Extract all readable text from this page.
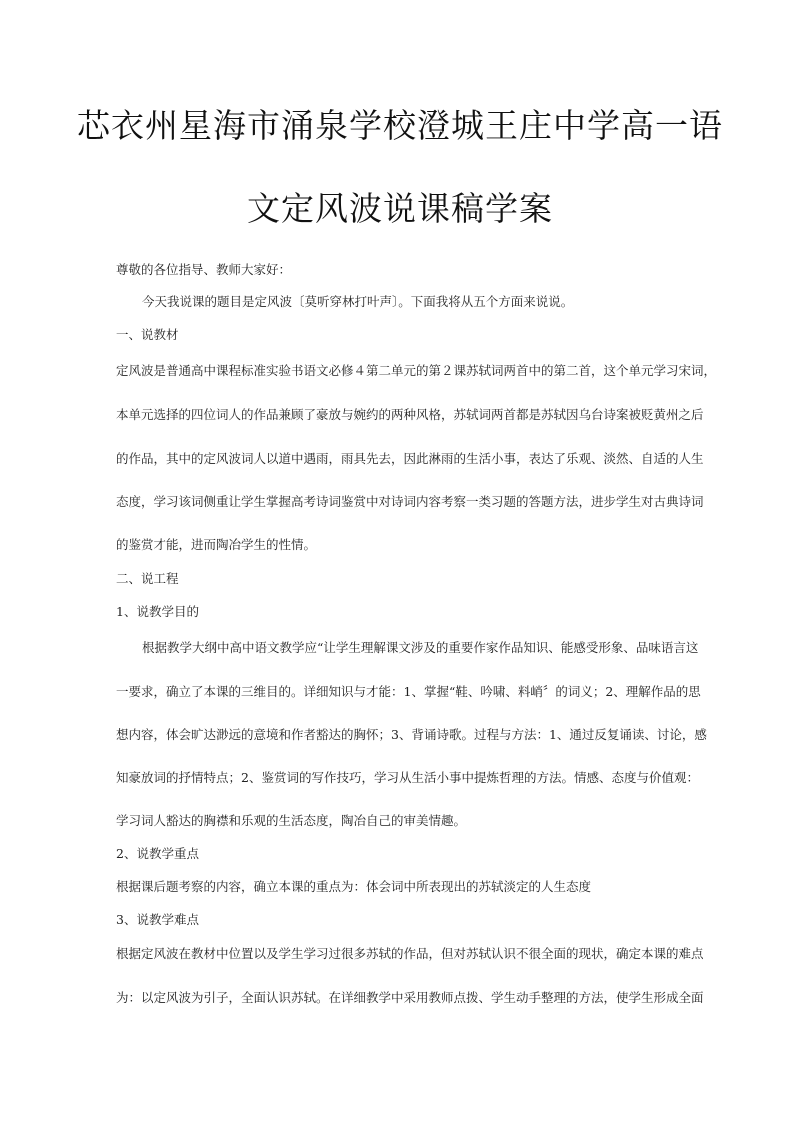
芯衣州星海市涌泉学校澄城王庄中学高一语
文定风波说课稿学案

尊敬的各位指导、教师大家好：

今天我说课的题目是定风波〔莫听穿林打叶声〕。下面我将从五个方面来说说。

一、说教材

定风波是普通高中课程标准实验书语文必修４第二单元的第２课苏轼词两首中的第二首，这个单元学习宋词，

本单元选择的四位词人的作品兼顾了豪放与婉约的两种风格，苏轼词两首都是苏轼因乌台诗案被贬黄州之后

的作品，其中的定风波词人以道中遇雨，雨具先去，因此淋雨的生活小事，表达了乐观、淡然、自适的人生

态度，学习该词侧重让学生掌握高考诗词鉴赏中对诗词内容考察一类习题的答题方法，进步学生对古典诗词

的鉴赏才能，进而陶冶学生的性情。

二、说工程

1、说教学目的

根据教学大纲中高中语文教学应“让学生理解课文涉及的重要作家作品知识、能感受形象、品味语言这

一要求，确立了本课的三维目的。详细知识与才能：1、掌握“鞋、吟啸、料峭〞的词义；2、理解作品的思

想内容，体会旷达渺远的意境和作者豁达的胸怀；3、背诵诗歌。过程与方法：1、通过反复诵读、讨论，感

知豪放词的抒情特点；2、鉴赏词的写作技巧，学习从生活小事中提炼哲理的方法。情感、态度与价值观：

学习词人豁达的胸襟和乐观的生活态度，陶冶自己的审美情趣。

2、说教学重点

根据课后题考察的内容，确立本课的重点为：体会词中所表现出的苏轼淡定的人生态度

3、说教学难点

根据定风波在教材中位置以及学生学习过很多苏轼的作品，但对苏轼认识不很全面的现状，确定本课的难点

为：以定风波为引子，全面认识苏轼。在详细教学中采用教师点拨、学生动手整理的方法，使学生形成全面
